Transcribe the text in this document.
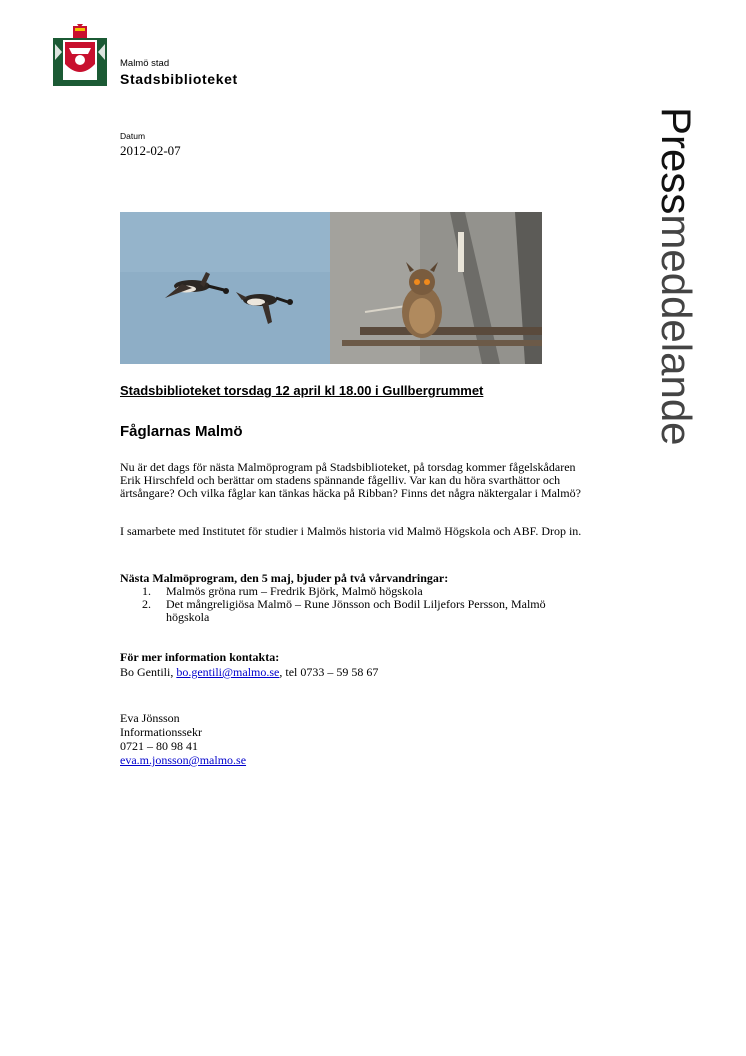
Malmö stad
Stadsbiblioteket
Datum
2012-02-07	Pressmeddelande
Stadsbiblioteket torsdag 12 april kl 18.00 i Gullbergrummet
Fåglarnas Malmö
Nu är det dags för nästa Malmöprogram på Stadsbiblioteket, på torsdag kommer fågelskådaren Erik Hirschfeld och berättar om stadens spännande fågelliv. Var kan du höra svarthättor och ärtsångare? Och vilka fåglar kan tänkas häcka på Ribban? Finns det några näktergalar i Malmö?
I samarbete med Institutet för studier i Malmös historia vid Malmö Högskola och ABF. Drop in.
Nästa Malmöprogram, den 5 maj, bjuder på två vårvandringar:
1. Malmös gröna rum – Fredrik Björk, Malmö högskola
2. Det mångreligiösa Malmö – Rune Jönsson och Bodil Liljefors Persson, Malmö högskola
För mer information kontakta:
Bo Gentili, bo.gentili@malmo.se, tel 0733 – 59 58 67
Eva Jönsson
Informationssekr
0721 – 80 98 41
eva.m.jonsson@malmo.se
